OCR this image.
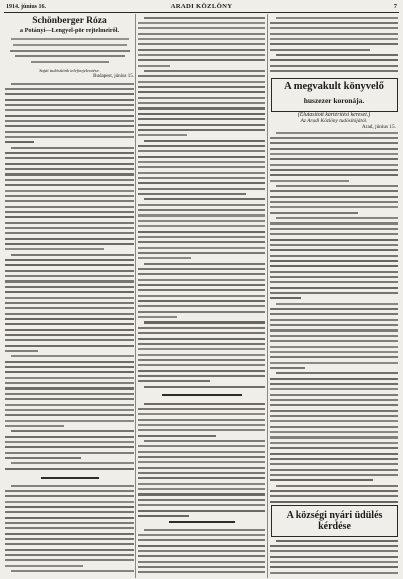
1914. június 16.	ARADI KÖZLÖNY	7
Schönberger Róza
a Potányi—Lengyel-pör rejtelmeiről.
Saját tudósítónk telefonjelentése.
Budapest, június 15.
A megvakult könyvelő
huszezer koronája.
(Elutasított kártérítési kereset.)
Az Aradi Közlöny tudósítójától.
Arad, június 15.
A községi nyári üdülés kérdése
